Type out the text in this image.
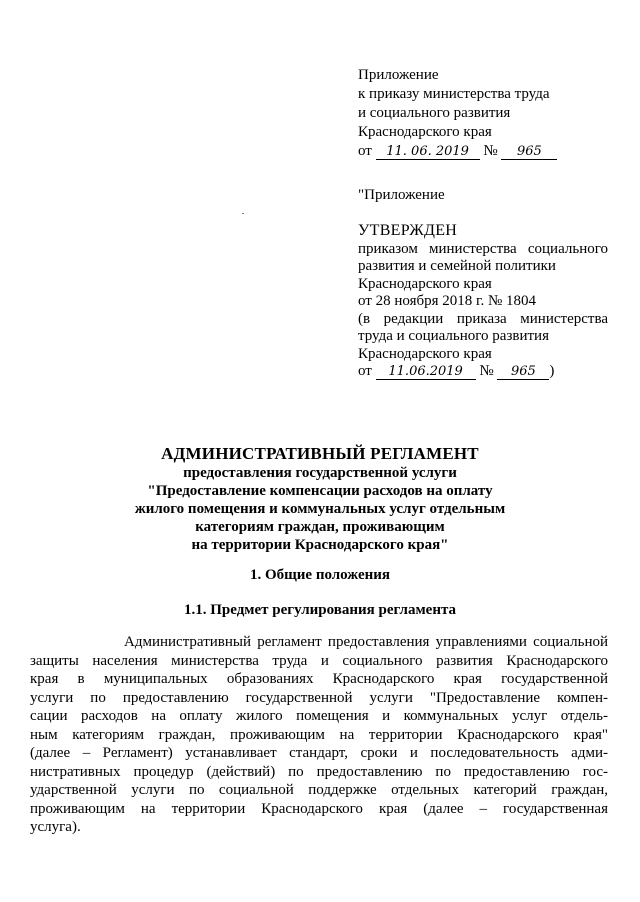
Приложение
к приказу министерства труда
и социального развития
Краснодарского края
от 11. 06. 2019 № 965
"Приложение
УТВЕРЖДЕН
приказом министерства социального
развития и семейной политики
Краснодарского края
от 28 ноября 2018 г. № 1804
(в редакции приказа министерства
труда и социального развития
Краснодарского края
от 11.06.2019 № 965 )
АДМИНИСТРАТИВНЫЙ РЕГЛАМЕНТ
предоставления государственной услуги
"Предоставление компенсации расходов на оплату
жилого помещения и коммунальных услуг отдельным
категориям граждан, проживающим
на территории Краснодарского края"
1. Общие положения
1.1. Предмет регулирования регламента
Административный регламент предоставления управлениями социальной
защиты населения министерства труда и социального развития Краснодарского
края в муниципальных образованиях Краснодарского края государственной
услуги по предоставлению государственной услуги "Предоставление компен-
сации расходов на оплату жилого помещения и коммунальных услуг отдель-
ным категориям граждан, проживающим на территории Краснодарского края"
(далее – Регламент) устанавливает стандарт, сроки и последовательность адми-
нистративных процедур (действий) по предоставлению по предоставлению гос-
ударственной услуги по социальной поддержке отдельных категорий граждан,
проживающим на территории Краснодарского края (далее – государственная
услуга).
